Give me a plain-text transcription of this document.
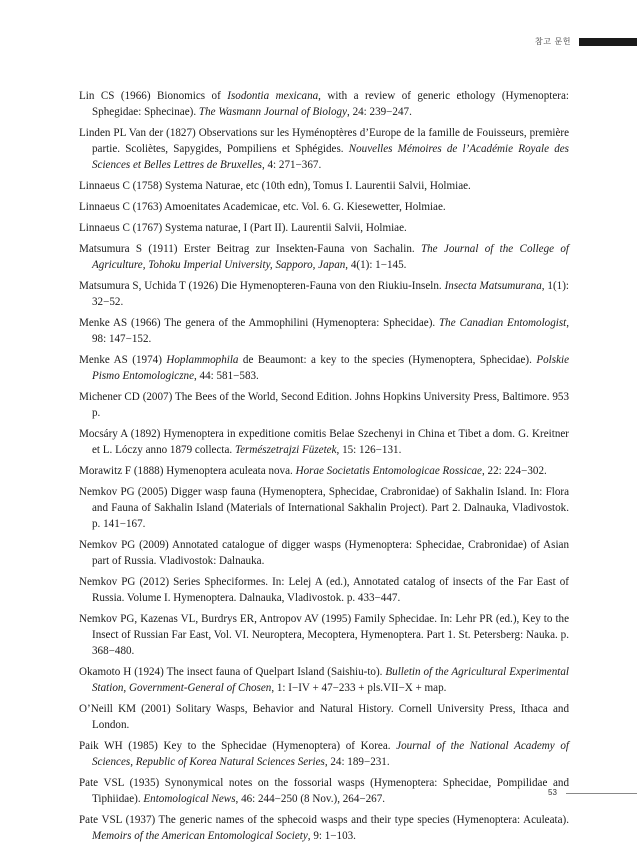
참고 문헌

Lin CS (1966) Bionomics of Isodontia mexicana, with a review of generic ethology (Hymenoptera: Sphegidae: Sphecinae). The Wasmann Journal of Biology, 24: 239−247.

Linden PL Van der (1827) Observations sur les Hyménoptères d’Europe de la famille de Fouisseurs, première partie. Scoliètes, Sapygides, Pompiliens et Sphégides. Nouvelles Mémoires de l’Académie Royale des Sciences et Belles Lettres de Bruxelles, 4: 271−367.

Linnaeus C (1758) Systema Naturae, etc (10th edn), Tomus I. Laurentii Salvii, Holmiae.

Linnaeus C (1763) Amoenitates Academicae, etc. Vol. 6. G. Kiesewetter, Holmiae.

Linnaeus C (1767) Systema naturae, I (Part II). Laurentii Salvii, Holmiae.

Matsumura S (1911) Erster Beitrag zur Insekten-Fauna von Sachalin. The Journal of the College of Agriculture, Tohoku Imperial University, Sapporo, Japan, 4(1): 1−145.

Matsumura S, Uchida T (1926) Die Hymenopteren-Fauna von den Riukiu-Inseln. Insecta Matsumurana, 1(1): 32−52.

Menke AS (1966) The genera of the Ammophilini (Hymenoptera: Sphecidae). The Canadian Entomologist, 98: 147−152.

Menke AS (1974) Hoplammophila de Beaumont: a key to the species (Hymenoptera, Sphecidae). Polskie Pismo Entomologiczne, 44: 581−583.

Michener CD (2007) The Bees of the World, Second Edition. Johns Hopkins University Press, Baltimore. 953 p.

Mocsáry A (1892) Hymenoptera in expeditione comitis Belae Szechenyi in China et Tibet a dom. G. Kreitner et L. Lóczy anno 1879 collecta. Természetrajzi Füzetek, 15: 126−131.

Morawitz F (1888) Hymenoptera aculeata nova. Horae Societatis Entomologicae Rossicae, 22: 224−302.

Nemkov PG (2005) Digger wasp fauna (Hymenoptera, Sphecidae, Crabronidae) of Sakhalin Island. In: Flora and Fauna of Sakhalin Island (Materials of International Sakhalin Project). Part 2. Dalnauka, Vladivostok. p. 141−167.

Nemkov PG (2009) Annotated catalogue of digger wasps (Hymenoptera: Sphecidae, Crabronidae) of Asian part of Russia. Vladivostok: Dalnauka.

Nemkov PG (2012) Series Spheciformes. In: Lelej A (ed.), Annotated catalog of insects of the Far East of Russia. Volume I. Hymenoptera. Dalnauka, Vladivostok. p. 433−447.

Nemkov PG, Kazenas VL, Burdrys ER, Antropov AV (1995) Family Sphecidae. In: Lehr PR (ed.), Key to the Insect of Russian Far East, Vol. VI. Neuroptera, Mecoptera, Hymenoptera. Part 1. St. Petersberg: Nauka. p. 368−480.

Okamoto H (1924) The insect fauna of Quelpart Island (Saishiu-to). Bulletin of the Agricultural Experimental Station, Government-General of Chosen, 1: I−IV + 47−233 + pls.VII−X + map.

O’Neill KM (2001) Solitary Wasps, Behavior and Natural History. Cornell University Press, Ithaca and London.

Paik WH (1985) Key to the Sphecidae (Hymenoptera) of Korea. Journal of the National Academy of Sciences, Republic of Korea Natural Sciences Series, 24: 189−231.

Pate VSL (1935) Synonymical notes on the fossorial wasps (Hymenoptera: Sphecidae, Pompilidae and Tiphiidae). Entomological News, 46: 244−250 (8 Nov.), 264−267.

Pate VSL (1937) The generic names of the sphecoid wasps and their type species (Hymenoptera: Aculeata). Memoirs of the American Entomological Society, 9: 1−103.

53
